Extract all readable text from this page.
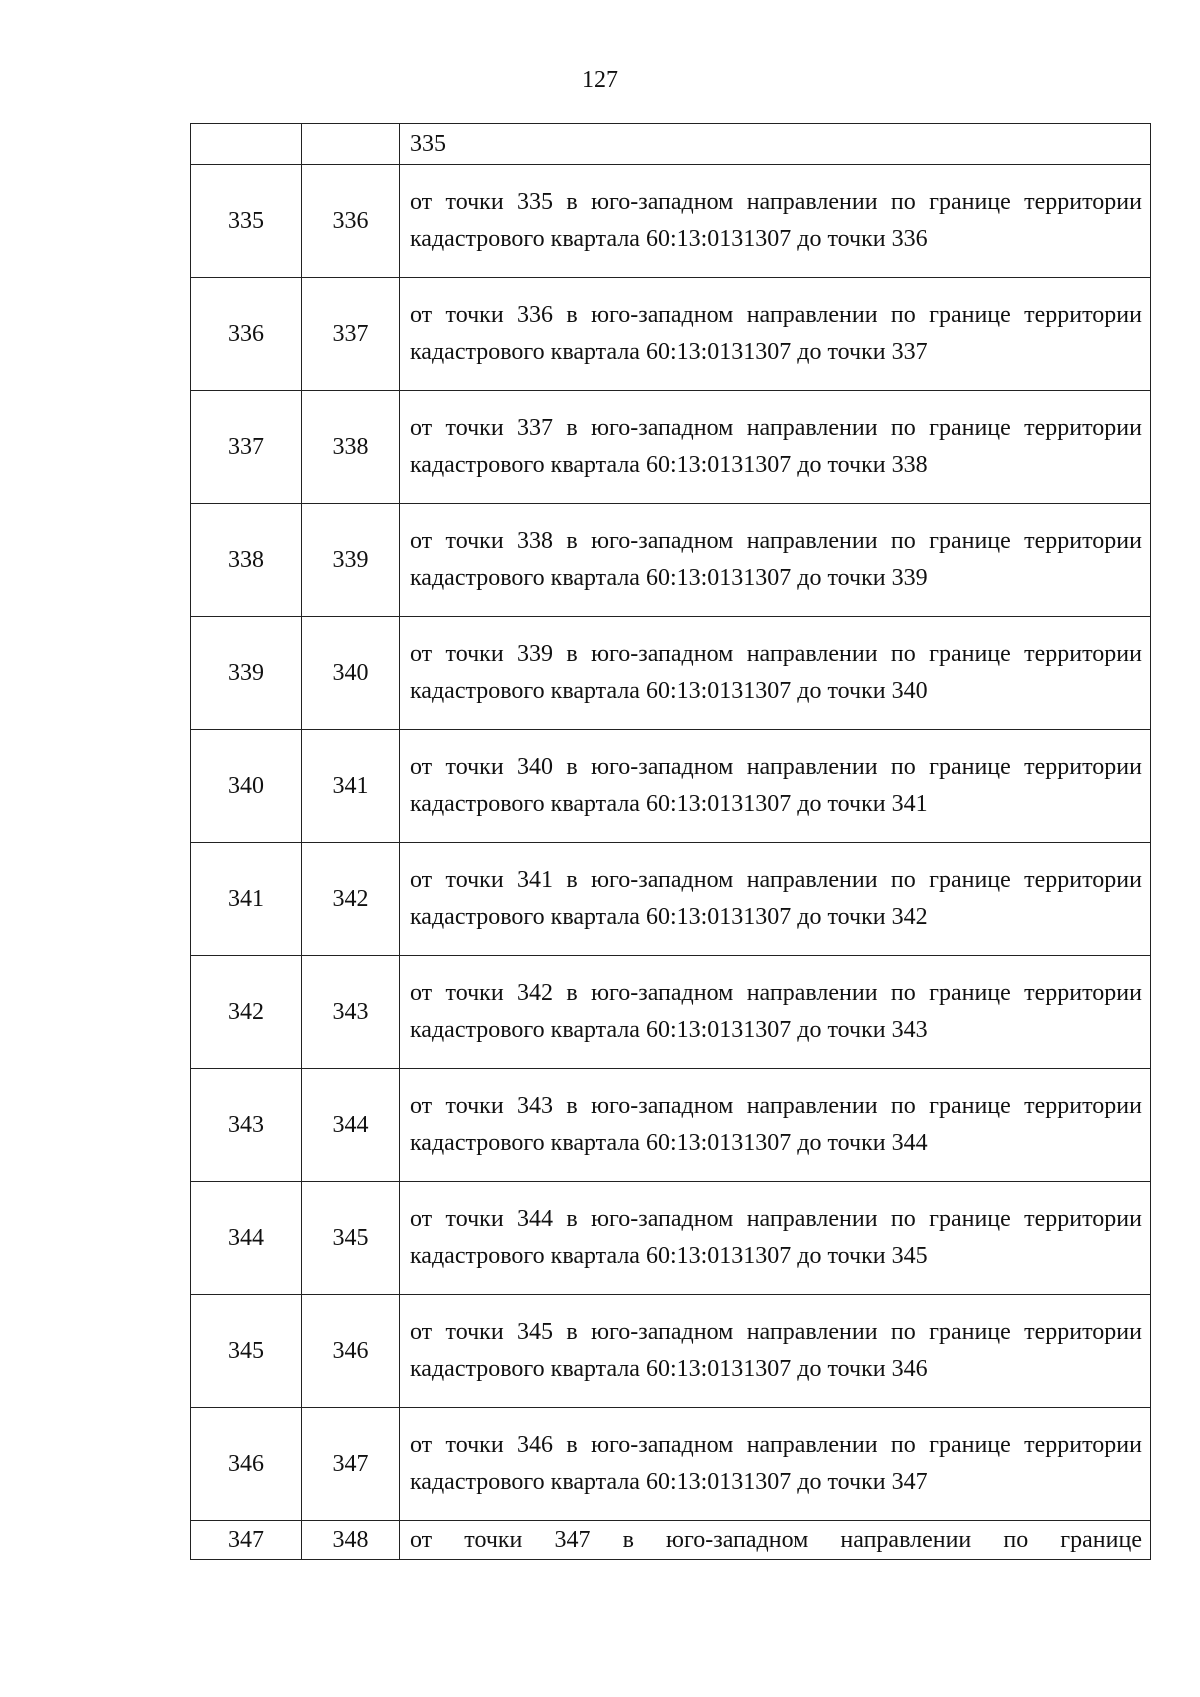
127
		335
335	336	от точки 335 в юго-западном направлении по границе территории кадастрового квартала 60:13:0131307 до точки 336
336	337	от точки 336 в юго-западном направлении по границе территории кадастрового квартала 60:13:0131307 до точки 337
337	338	от точки 337 в юго-западном направлении по границе территории кадастрового квартала 60:13:0131307 до точки 338
338	339	от точки 338 в юго-западном направлении по границе территории кадастрового квартала 60:13:0131307 до точки 339
339	340	от точки 339 в юго-западном направлении по границе территории кадастрового квартала 60:13:0131307 до точки 340
340	341	от точки 340 в юго-западном направлении по границе территории кадастрового квартала 60:13:0131307 до точки 341
341	342	от точки 341 в юго-западном направлении по границе территории кадастрового квартала 60:13:0131307 до точки 342
342	343	от точки 342 в юго-западном направлении по границе территории кадастрового квартала 60:13:0131307 до точки 343
343	344	от точки 343 в юго-западном направлении по границе территории кадастрового квартала 60:13:0131307 до точки 344
344	345	от точки 344 в юго-западном направлении по границе территории кадастрового квартала 60:13:0131307 до точки 345
345	346	от точки 345 в юго-западном направлении по границе территории кадастрового квартала 60:13:0131307 до точки 346
346	347	от точки 346 в юго-западном направлении по границе территории кадастрового квартала 60:13:0131307 до точки 347
347	348	от точки 347 в юго-западном направлении по границе
